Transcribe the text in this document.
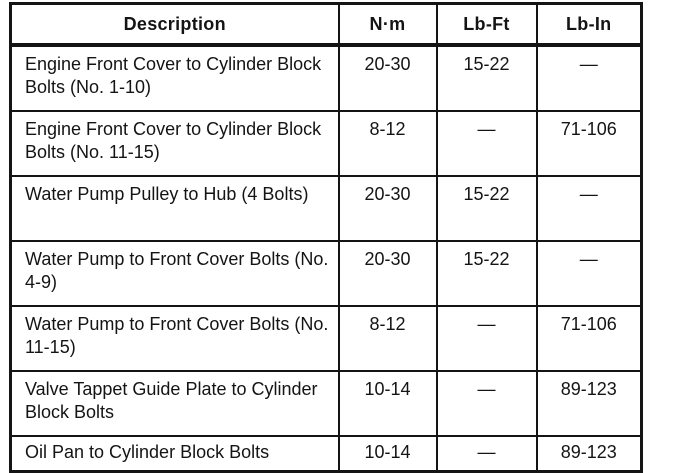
Description	N·m	Lb-Ft	Lb-In
Engine Front Cover to Cylinder Block Bolts (No. 1-10)	20-30	15-22	—
Engine Front Cover to Cylinder Block Bolts (No. 11-15)	8-12	—	71-106
Water Pump Pulley to Hub (4 Bolts)	20-30	15-22	—
Water Pump to Front Cover Bolts (No. 4-9)	20-30	15-22	—
Water Pump to Front Cover Bolts (No. 11-15)	8-12	—	71-106
Valve Tappet Guide Plate to Cylinder Block Bolts	10-14	—	89-123
Oil Pan to Cylinder Block Bolts	10-14	—	89-123
